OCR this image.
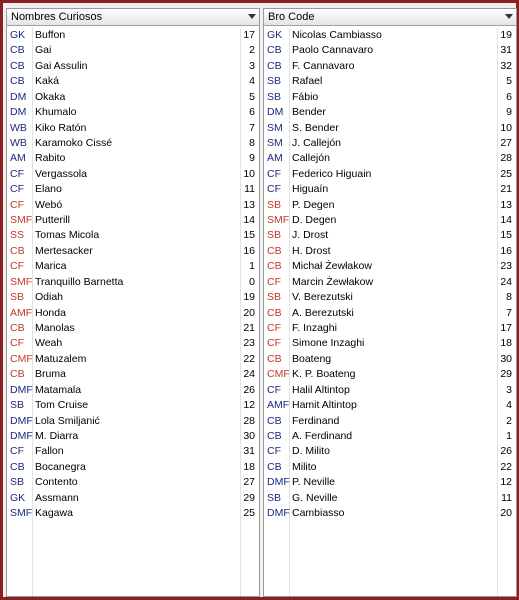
Nombres Curiosos
GK Buffon	17
CB Gai	2
CB Gai Assulin	3
CB Kaká	4
DM Okaka	5
DM Khumalo	6
WB Kiko Ratón	7
WB Karamoko Cissé	8
AM Rabito	9
CF	Vergassola	10
CF	Elano	11
CF	Webó	13
SMF Putterill	14
SS	Tomas Micola	15
CB Mertesacker	16
CF	Marica	1
SMF Tranquillo Barnetta	0
SB	Odiah	19
AMF Honda	20
CB Manolas	21
CF	Weah	23
CMF Matuzalem	22
CB Bruma	24
DMF Matamala	26
SB	Tom Cruise	12
DMF Lola Smiljanić	28
DMF M. Diarra	30
CF	Fallon	31
CB Bocanegra	18
SB	Contento	27
GK Assmann	29
SMF Kagawa	25
Bro Code
GK Nicolas Cambiasso	19
CB Paolo Cannavaro	31
CB F. Cannavaro	32
SB	Rafael	5
SB	Fábio	6
DM Bender	9
SM S. Bender	10
SM J. Callejón	27
AM Callejón	28
CF	Federico Higuain	25
CF	Higuaín	21
SB	P. Degen	13
SMF D. Degen	14
SB	J. Drost	15
CB H. Drost	16
CB Michał Żewłakow	23
CF	Marcin Żewłakow	24
SB	V. Berezutski	8
CB A. Berezutski	7
CF	F. Inzaghi	17
CF	Simone Inzaghi	18
CB Boateng	30
CMF K. P. Boateng	29
CF	Halil Altintop	3
AMF Hamit Altintop	4
CB Ferdinand	2
CB A. Ferdinand	1
CF	D. Milito	26
CB Milito	22
DMF P. Neville	12
SB	G. Neville	11
DMF Cambiasso	20
